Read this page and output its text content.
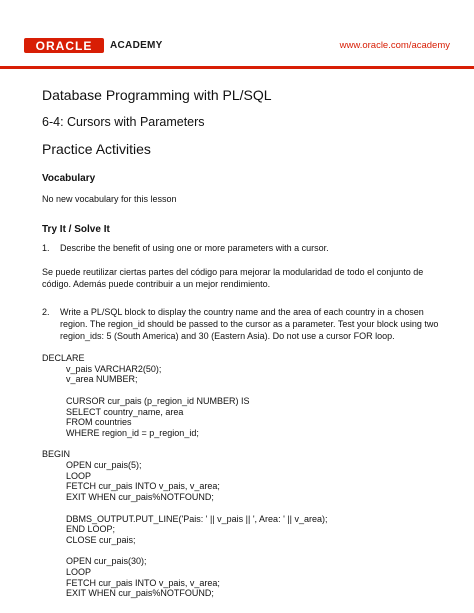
ORACLE ACADEMY	www.oracle.com/academy
Database Programming with PL/SQL
6-4: Cursors with Parameters
Practice Activities
Vocabulary
No new vocabulary for this lesson
Try It / Solve It
1.	Describe the benefit of using one or more parameters with a cursor.
Se puede reutilizar ciertas partes del código para mejorar la modularidad de todo el conjunto de código. Además puede contribuir a un mejor rendimiento.
2.	Write a PL/SQL block to display the country name and the area of each country in a chosen region. The region_id should be passed to the cursor as a parameter. Test your block using two region_ids: 5 (South America) and 30 (Eastern Asia). Do not use a cursor FOR loop.
DECLARE
v_pais VARCHAR2(50);
v_area NUMBER;
CURSOR cur_pais (p_region_id NUMBER) IS
SELECT country_name, area
FROM countries
WHERE region_id = p_region_id;
BEGIN
OPEN cur_pais(5);
LOOP
FETCH cur_pais INTO v_pais, v_area;
EXIT WHEN cur_pais%NOTFOUND;
DBMS_OUTPUT.PUT_LINE('Pais: ' || v_pais || ', Area: ' || v_area);
END LOOP;
CLOSE cur_pais;
OPEN cur_pais(30);
LOOP
FETCH cur_pais INTO v_pais, v_area;
EXIT WHEN cur_pais%NOTFOUND;
